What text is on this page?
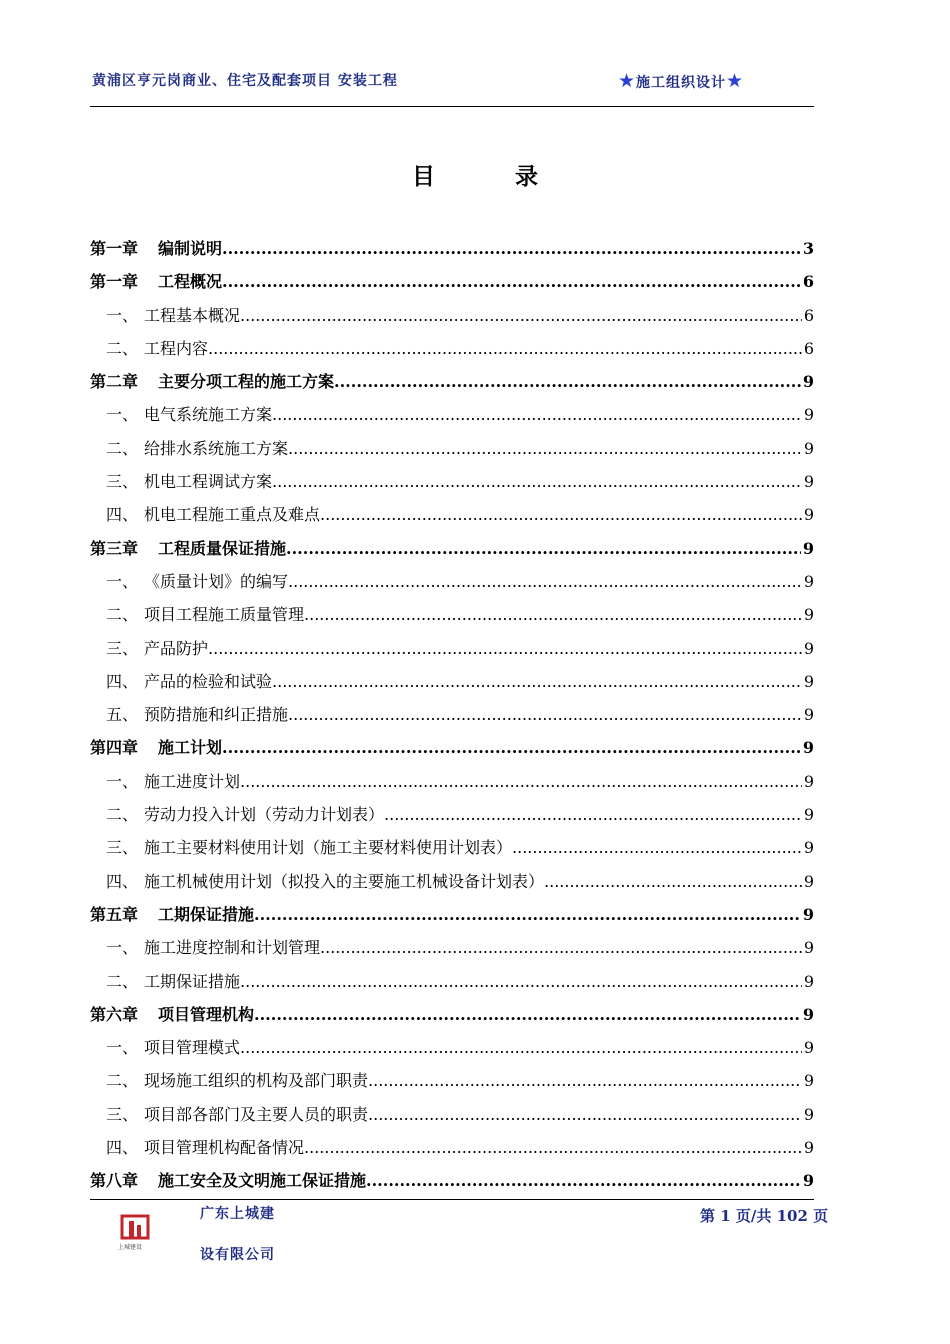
黄浦区亨元岗商业、住宅及配套项目 安装工程	★施工组织设计★
目 录
第一章 编制说明 .....	3
第一章 工程概况 .....	6
一、 工程基本概况 .....	6
二、 工程内容 .....	6
第二章 主要分项工程的施工方案 .....	9
一、 电气系统施工方案 .....	9
二、 给排水系统施工方案 .....	9
三、 机电工程调试方案 .....	9
四、 机电工程施工重点及难点 .....	9
第三章 工程质量保证措施 .....	9
一、 《质量计划》的编写 .....	9
二、 项目工程施工质量管理 .....	9
三、 产品防护 .....	9
四、 产品的检验和试验 .....	9
五、 预防措施和纠正措施 .....	9
第四章 施工计划 .....	9
一、 施工进度计划 .....	9
二、 劳动力投入计划（劳动力计划表） .....	9
三、 施工主要材料使用计划（施工主要材料使用计划表） .....	9
四、 施工机械使用计划（拟投入的主要施工机械设备计划表） .....	9
第五章 工期保证措施 .....	9
一、 施工进度控制和计划管理 .....	9
二、 工期保证措施 .....	9
第六章 项目管理机构 .....	9
一、 项目管理模式 .....	9
二、 现场施工组织的机构及部门职责 .....	9
三、 项目部各部门及主要人员的职责 .....	9
四、 项目管理机构配备情况 .....	9
第八章 施工安全及文明施工保证措施 .....	9
上城建设
广东上城建
设有限公司
第 1 页/共 102 页
